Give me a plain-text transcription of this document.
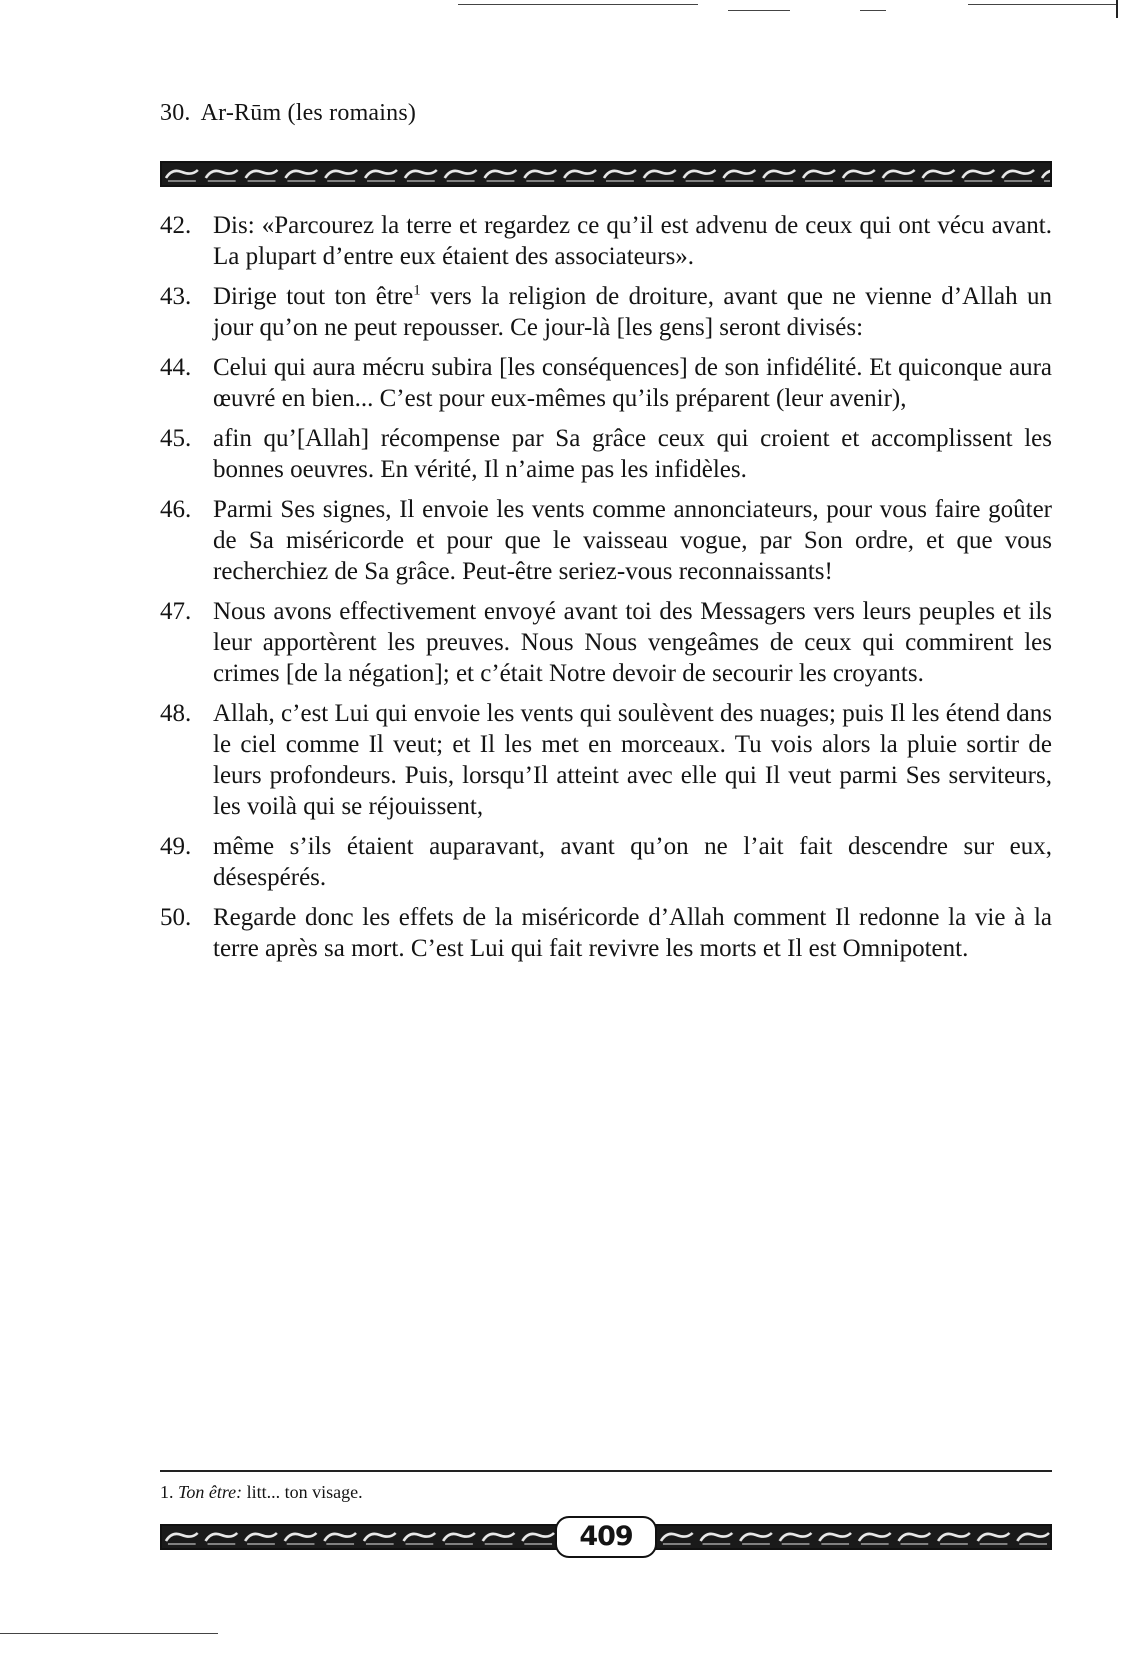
30. Ar-Rūm (les romains)
42. Dis: «Parcourez la terre et regardez ce qu’il est advenu de ceux qui ont vécu avant. La plupart d’entre eux étaient des associateurs».
43. Dirige tout ton être$^1$ vers la religion de droiture, avant que ne vienne d’Allah un jour qu’on ne peut repousser. Ce jour-là [les gens] seront divisés:
44. Celui qui aura mécru subira [les conséquences] de son infidélité. Et quiconque aura œuvré en bien... C’est pour eux-mêmes qu’ils préparent (leur avenir),
45. afin qu’[Allah] récompense par Sa grâce ceux qui croient et accomplissent les bonnes oeuvres. En vérité, Il n’aime pas les infidèles.
46. Parmi Ses signes, Il envoie les vents comme annonciateurs, pour vous faire goûter de Sa miséricorde et pour que le vaisseau vogue, par Son ordre, et que vous recherchiez de Sa grâce. Peut-être seriez-vous reconnaissants!
47. Nous avons effectivement envoyé avant toi des Messagers vers leurs peuples et ils leur apportèrent les preuves. Nous Nous vengeâmes de ceux qui commirent les crimes [de la négation]; et c’était Notre devoir de secourir les croyants.
48. Allah, c’est Lui qui envoie les vents qui soulèvent des nuages; puis Il les étend dans le ciel comme Il veut; et Il les met en morceaux. Tu vois alors la pluie sortir de leurs profondeurs. Puis, lorsqu’Il atteint avec elle qui Il veut parmi Ses serviteurs, les voilà qui se réjouissent,
49. même s’ils étaient auparavant, avant qu’on ne l’ait fait descendre sur eux, désespérés.
50. Regarde donc les effets de la miséricorde d’Allah comment Il redonne la vie à la terre après sa mort. C’est Lui qui fait revivre les morts et Il est Omnipotent.
1. Ton être: litt... ton visage.
409
